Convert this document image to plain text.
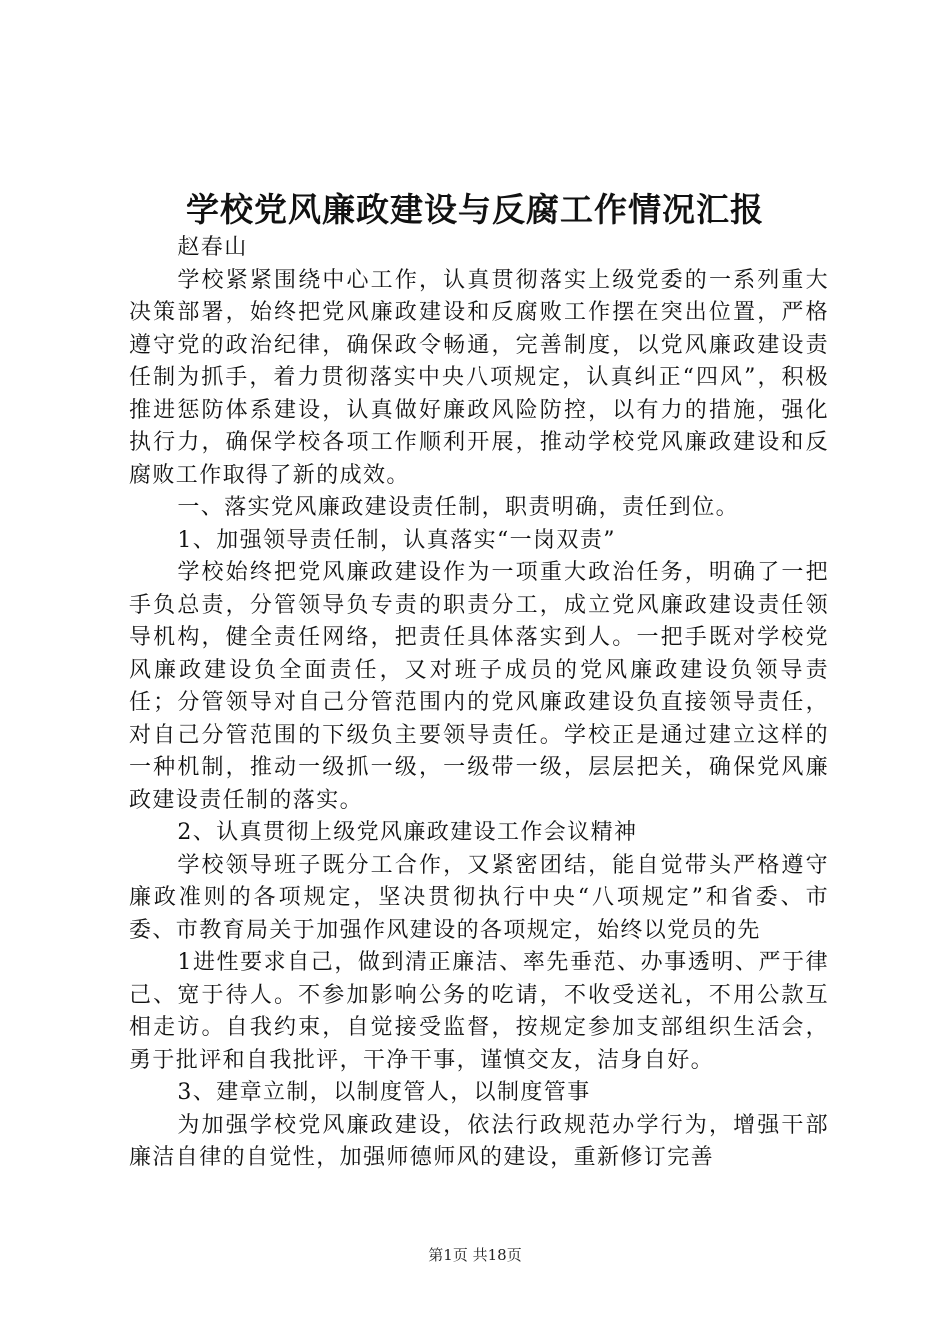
学校党风廉政建设与反腐工作情况汇报

赵春山

学校紧紧围绕中心工作，认真贯彻落实上级党委的一系列重大决策部署，始终把党风廉政建设和反腐败工作摆在突出位置，严格遵守党的政治纪律，确保政令畅通，完善制度，以党风廉政建设责任制为抓手，着力贯彻落实中央八项规定，认真纠正“四风”，积极推进惩防体系建设，认真做好廉政风险防控，以有力的措施，强化执行力，确保学校各项工作顺利开展，推动学校党风廉政建设和反腐败工作取得了新的成效。

一、落实党风廉政建设责任制，职责明确，责任到位。

1、加强领导责任制，认真落实“一岗双责”

学校始终把党风廉政建设作为一项重大政治任务，明确了一把手负总责，分管领导负专责的职责分工，成立党风廉政建设责任领导机构，健全责任网络，把责任具体落实到人。一把手既对学校党风廉政建设负全面责任，又对班子成员的党风廉政建设负领导责任；分管领导对自己分管范围内的党风廉政建设负直接领导责任，对自己分管范围的下级负主要领导责任。学校正是通过建立这样的一种机制，推动一级抓一级，一级带一级，层层把关，确保党风廉政建设责任制的落实。

2、认真贯彻上级党风廉政建设工作会议精神

学校领导班子既分工合作，又紧密团结，能自觉带头严格遵守廉政准则的各项规定，坚决贯彻执行中央“八项规定”和省委、市委、市教育局关于加强作风建设的各项规定，始终以党员的先

1进性要求自己，做到清正廉洁、率先垂范、办事透明、严于律己、宽于待人。不参加影响公务的吃请，不收受送礼，不用公款互相走访。自我约束，自觉接受监督，按规定参加支部组织生活会，勇于批评和自我批评，干净干事，谨慎交友，洁身自好。

3、建章立制，以制度管人，以制度管事

为加强学校党风廉政建设，依法行政规范办学行为，增强干部廉洁自律的自觉性，加强师德师风的建设，重新修订完善

第1页 共18页
